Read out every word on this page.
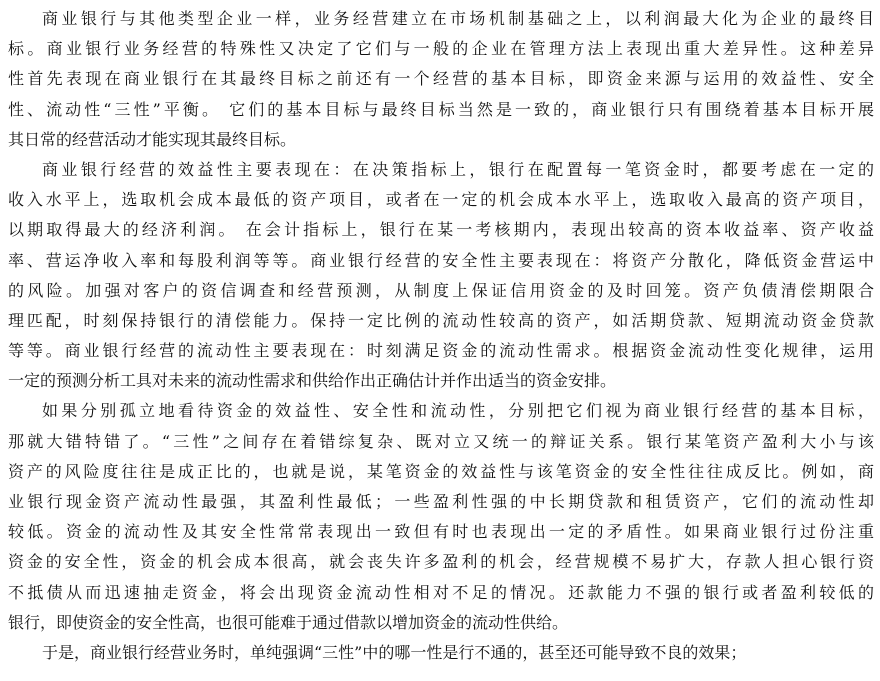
商业银行与其他类型企业一样，业务经营建立在市场机制基础之上，以利润最大化为企业的最终目
标。商业银行业务经营的特殊性又决定了它们与一般的企业在管理方法上表现出重大差异性。这种差异
性首先表现在商业银行在其最终目标之前还有一个经营的基本目标，即资金来源与运用的效益性、安全
性、流动性“三性”平衡。 它们的基本目标与最终目标当然是一致的，商业银行只有围绕着基本目标开展
其日常的经营活动才能实现其最终目标。
商业银行经营的效益性主要表现在：在决策指标上，银行在配置每一笔资金时，都要考虑在一定的
收入水平上，选取机会成本最低的资产项目，或者在一定的机会成本水平上，选取收入最高的资产项目，
以期取得最大的经济利润。 在会计指标上，银行在某一考核期内，表现出较高的资本收益率、资产收益
率、营运净收入率和每股利润等等。商业银行经营的安全性主要表现在：将资产分散化，降低资金营运中
的风险。加强对客户的资信调查和经营预测，从制度上保证信用资金的及时回笼。资产负债清偿期限合
理匹配，时刻保持银行的清偿能力。保持一定比例的流动性较高的资产，如活期贷款、短期流动资金贷款
等等。商业银行经营的流动性主要表现在：时刻满足资金的流动性需求。根据资金流动性变化规律，运用
一定的预测分析工具对未来的流动性需求和供给作出正确估计并作出适当的资金安排。
如果分别孤立地看待资金的效益性、安全性和流动性，分别把它们视为商业银行经营的基本目标，
那就大错特错了。“三性”之间存在着错综复杂、既对立又统一的辩证关系。银行某笔资产盈利大小与该
资产的风险度往往是成正比的，也就是说，某笔资金的效益性与该笔资金的安全性往往成反比。例如，商
业银行现金资产流动性最强，其盈利性最低；一些盈利性强的中长期贷款和租赁资产，它们的流动性却
较低。资金的流动性及其安全性常常表现出一致但有时也表现出一定的矛盾性。如果商业银行过份注重
资金的安全性，资金的机会成本很高，就会丧失许多盈利的机会，经营规模不易扩大，存款人担心银行资
不抵债从而迅速抽走资金，将会出现资金流动性相对不足的情况。还款能力不强的银行或者盈利较低的
银行，即使资金的安全性高，也很可能难于通过借款以增加资金的流动性供给。
于是，商业银行经营业务时，单纯强调“三性”中的哪一性是行不通的，甚至还可能导致不良的效果；
